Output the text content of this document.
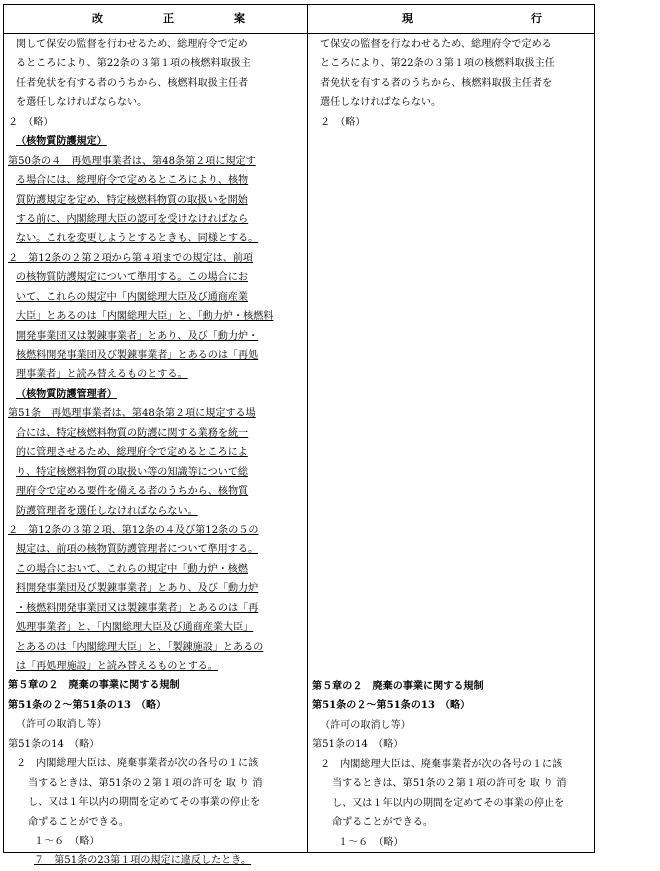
改正案	現行
関して保安の監督を行わせるため、総理府令で定め
るところにより、第22条の３第１項の核燃料取扱主
任者免状を有する者のうちから、核燃料取扱主任者
を選任しなければならない。
２　（略）
（核物質防護規定）
第50条の４　再処理事業者は、第48条第２項に規定す
る場合には、総理府令で定めるところにより、核物
質防護規定を定め、特定核燃料物質の取扱いを開始
する前に、内閣総理大臣の認可を受けなければなら
ない。これを変更しようとするときも、同様とする。
２　第12条の２第２項から第４項までの規定は、前項
の核物質防護規定について準用する。この場合にお
いて、これらの規定中「内閣総理大臣及び通商産業
大臣」とあるのは「内閣総理大臣」と、「動力炉・核燃料
開発事業団又は製錬事業者」とあり、及び「動力炉・
核燃料開発事業団及び製錬事業者」とあるのは「再処
理事業者」と読み替えるものとする。
（核物質防護管理者）
第51条　再処理事業者は、第48条第２項に規定する場
合には、特定核燃料物質の防護に関する業務を統一
的に管理させるため、総理府令で定めるところによ
り、特定核燃料物質の取扱い等の知識等について総
理府令で定める要件を備える者のうちから、核物質
防護管理者を選任しなければならない。
２　第12条の３第２項、第12条の４及び第12条の５の
規定は、前項の核物質防護管理者について準用する。
この場合において、これらの規定中「動力炉・核燃
料開発事業団及び製錬事業者」とあり、及び「動力炉
・核燃料開発事業団又は製錬事業者」とあるのは「再
処理事業者」と、「内閣総理大臣及び通商産業大臣」
とあるのは「内閣総理大臣」と、「製錬施設」とあるの
は「再処理施設」と読み替えるものとする。
第５章の２　廃棄の事業に関する規制
第51条の２～第51条の13　（略）
（許可の取消し等）
第51条の14　（略）
２　内閣総理大臣は、廃棄事業者が次の各号の１に該
当するときは、第51条の２第１項の許可を 取 り 消
し、又は１年以内の期間を定めてその事業の停止を
命ずることができる。
１～６　（略）
７　第51条の23第１項の規定に違反したとき。
て保安の監督を行なわせるため、総理府令で定める
ところにより、第22条の３第１項の核燃料取扱主任
者免状を有する者のうちから、核燃料取扱主任者を
選任しなければならない。
２　（略）
第５章の２　廃棄の事業に関する規制
第51条の２～第51条の13　（略）
（許可の取消し等）
第51条の14　（略）
２　内閣総理大臣は、廃棄事業者が次の各号の１に該
当するときは、第51条の２第１項の許可を 取 り 消
し、又は１年以内の期間を定めてその事業の停止を
命ずることができる。
１～６　（略）
